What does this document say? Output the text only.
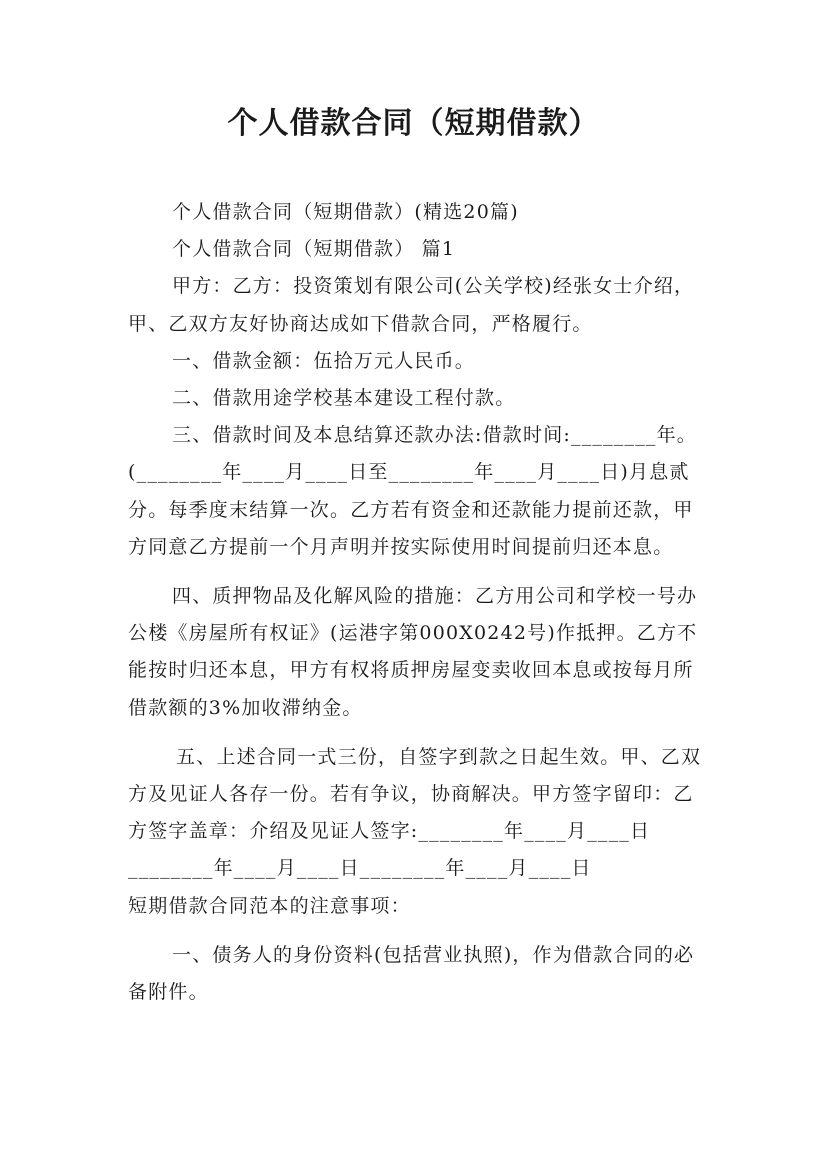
个人借款合同（短期借款）

个人借款合同（短期借款）(精选20篇)

个人借款合同（短期借款） 篇1

甲方：乙方：投资策划有限公司(公关学校)经张女士介绍，甲、乙双方友好协商达成如下借款合同，严格履行。

一、借款金额：伍拾万元人民币。

二、借款用途学校基本建设工程付款。

三、借款时间及本息结算还款办法:借款时间:________年。(________年____月____日至________年____月____日)月息贰分。每季度末结算一次。乙方若有资金和还款能力提前还款，甲方同意乙方提前一个月声明并按实际使用时间提前归还本息。

四、质押物品及化解风险的措施：乙方用公司和学校一号办公楼《房屋所有权证》(运港字第000X0242号)作抵押。乙方不能按时归还本息，甲方有权将质押房屋变卖收回本息或按每月所借款额的3%加收滞纳金。

五、上述合同一式三份，自签字到款之日起生效。甲、乙双方及见证人各存一份。若有争议，协商解决。甲方签字留印：乙方签字盖章：介绍及见证人签字:________年____月____日________年____月____日________年____月____日

短期借款合同范本的注意事项：

一、债务人的身份资料(包括营业执照)，作为借款合同的必备附件。
